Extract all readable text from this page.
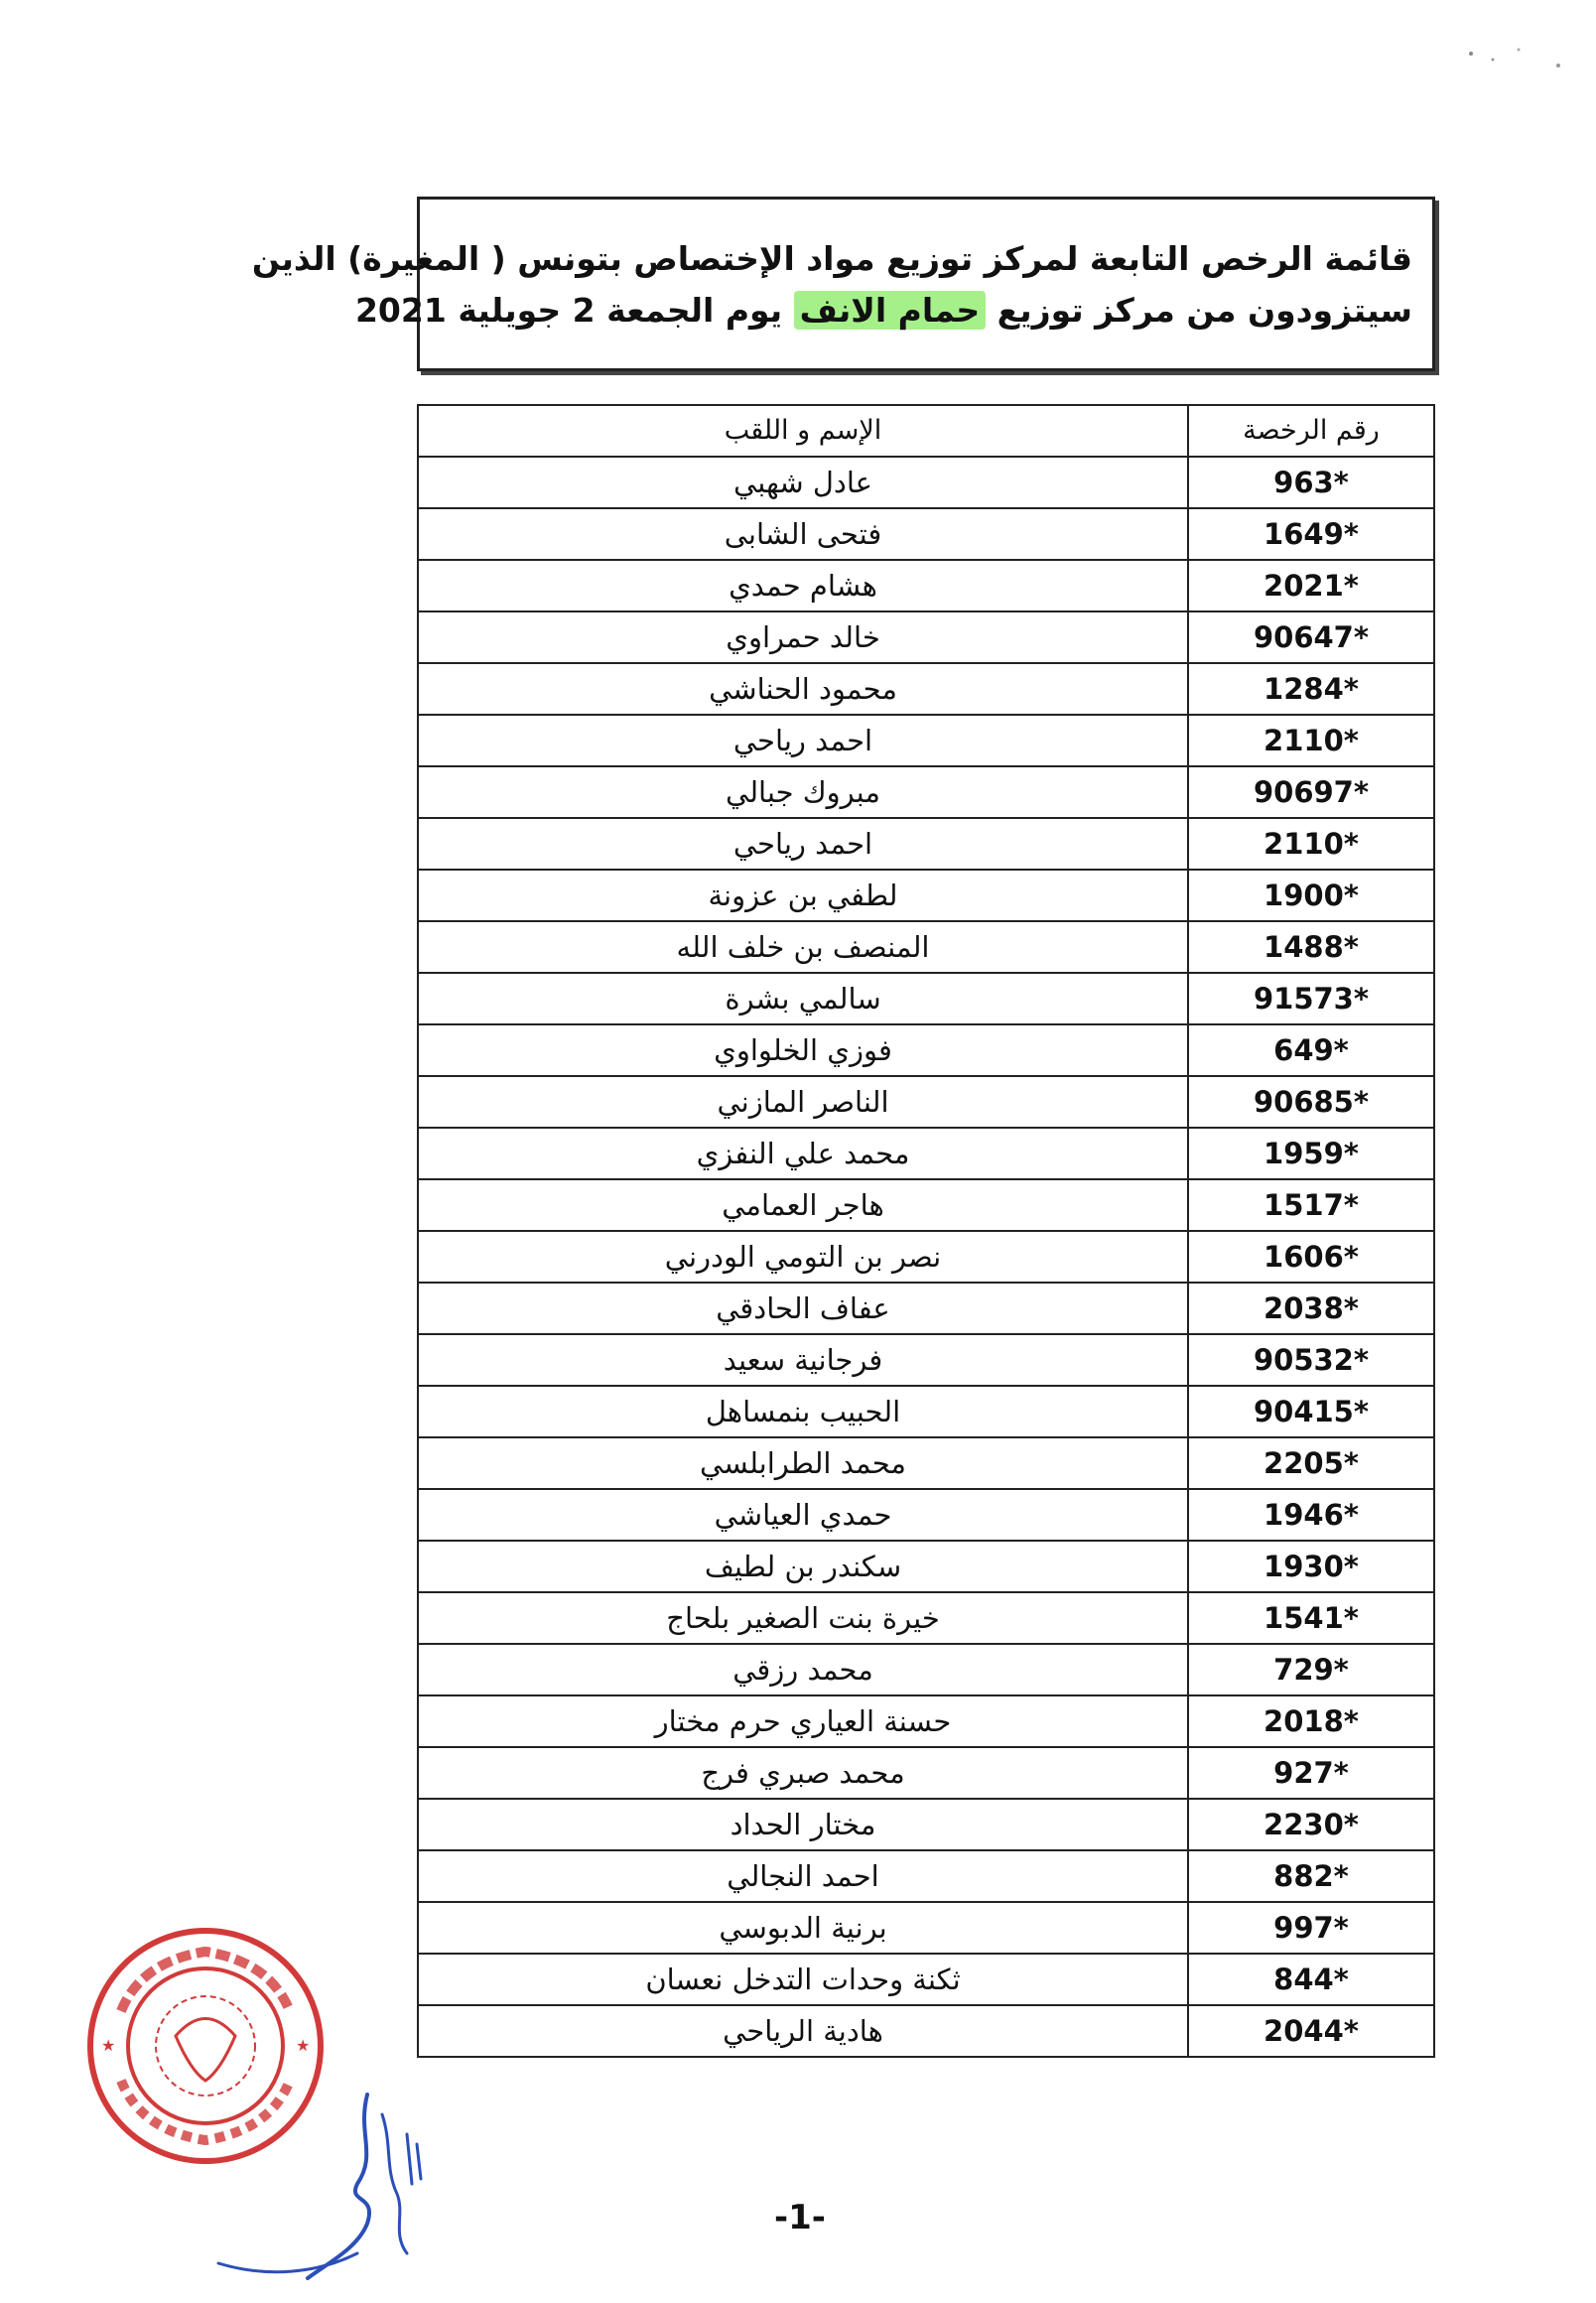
قائمة الرخص التابعة لمركز توزيع مواد الإختصاص بتونس ( المغيرة) الذين
سيتزودون من مركز توزيع حمام الانف يوم الجمعة 2 جويلية 2021
رقم الرخصة	الإسم و اللقب
963*	عادل شهبي
1649*	فتحى الشابى
2021*	هشام حمدي
90647*	خالد حمراوي
1284*	محمود الحناشي
2110*	احمد رياحي
90697*	مبروك جبالي
2110*	احمد رياحي
1900*	لطفي بن عزونة
1488*	المنصف بن خلف الله
91573*	سالمي بشرة
649*	فوزي الخلواوي
90685*	الناصر المازني
1959*	محمد علي النفزي
1517*	هاجر العمامي
1606*	نصر بن التومي الودرني
2038*	عفاف الحادقي
90532*	فرجانية سعيد
90415*	الحبيب بنمساهل
2205*	محمد الطرابلسي
1946*	حمدي العياشي
1930*	سكندر بن لطيف
1541*	خيرة بنت الصغير بلحاج
729*	محمد رزقي
2018*	حسنة العياري حرم مختار
927*	محمد صبري فرج
2230*	مختار الحداد
882*	احمد النجالي
997*	برنية الدبوسي
844*	ثكنة وحدات التدخل نعسان
2044*	هادية الرياحي
★	★
-1-
